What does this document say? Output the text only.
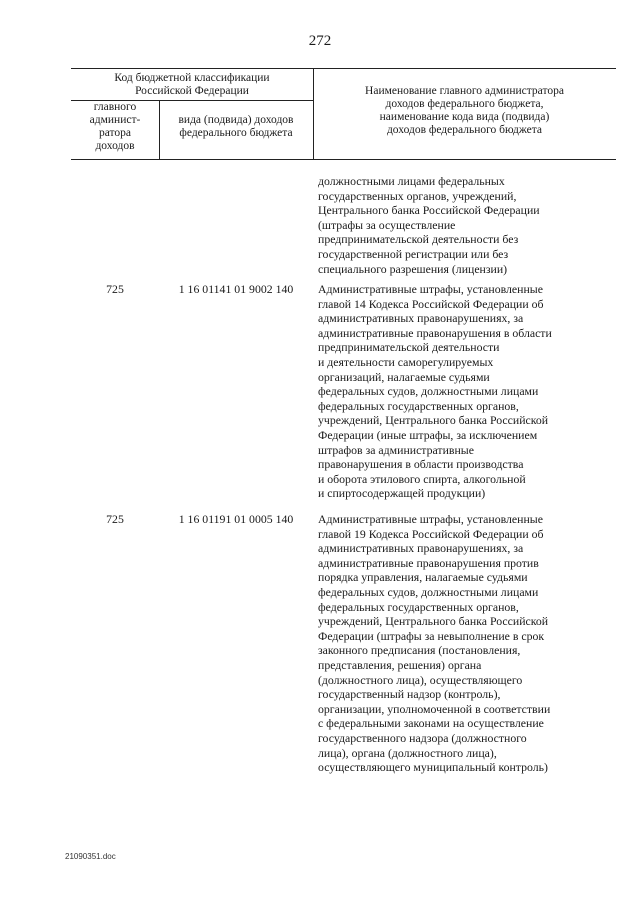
272
Код бюджетной классификации
Российской Федерации
главного
админист-
ратора
доходов
вида (подвида) доходов
федерального бюджета
Наименование главного администратора
доходов федерального бюджета,
наименование кода вида (подвида)
доходов федерального бюджета
должностными лицами федеральных
государственных органов, учреждений,
Центрального банка Российской Федерации
(штрафы за осуществление
предпринимательской деятельности без
государственной регистрации или без
специального разрешения (лицензии)
725	1 16 01141 01 9002 140	Административные штрафы, установленные
главой 14 Кодекса Российской Федерации об
административных правонарушениях, за
административные правонарушения в области
предпринимательской деятельности
и деятельности саморегулируемых
организаций, налагаемые судьями
федеральных судов, должностными лицами
федеральных государственных органов,
учреждений, Центрального банка Российской
Федерации (иные штрафы, за исключением
штрафов за административные
правонарушения в области производства
и оборота этилового спирта, алкогольной
и спиртосодержащей продукции)
725	1 16 01191 01 0005 140	Административные штрафы, установленные
главой 19 Кодекса Российской Федерации об
административных правонарушениях, за
административные правонарушения против
порядка управления, налагаемые судьями
федеральных судов, должностными лицами
федеральных государственных органов,
учреждений, Центрального банка Российской
Федерации (штрафы за невыполнение в срок
законного предписания (постановления,
представления, решения) органа
(должностного лица), осуществляющего
государственный надзор (контроль),
организации, уполномоченной в соответствии
с федеральными законами на осуществление
государственного надзора (должностного
лица), органа (должностного лица),
осуществляющего муниципальный контроль)
21090351.doc
